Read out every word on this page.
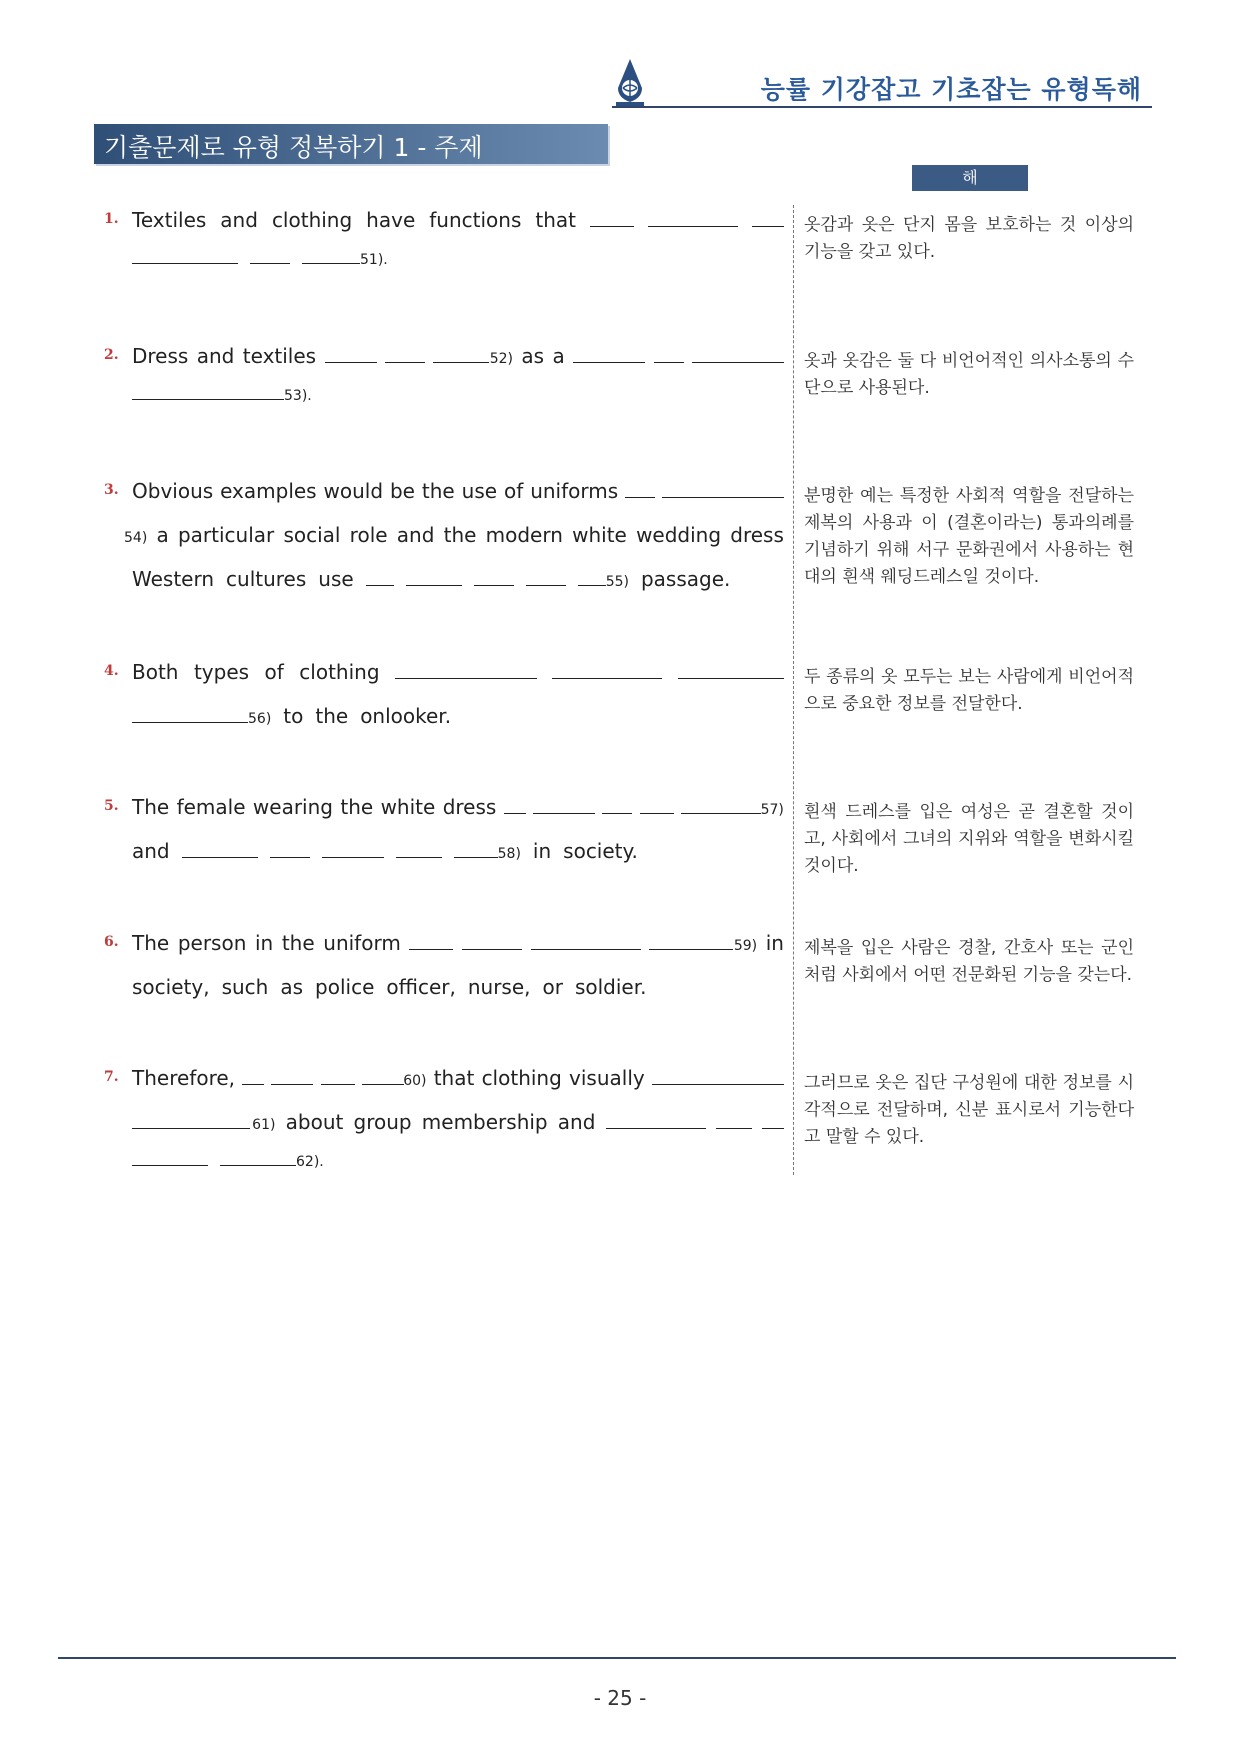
능률 기강잡고 기초잡는 유형독해
기출문제로 유형 정복하기 1 - 주제
해 석
1. Textiles and clothing have functions that
51).
옷감과 옷은 단지 몸을 보호하는 것 이상의 기능을 갖고 있다.
2. Dress and textiles	52) as a
53).
옷과 옷감은 둘 다 비언어적인 의사소통의 수단으로 사용된다.
3. Obvious examples would be the use of uniforms
54) a particular social role and the modern white wedding dress
Western cultures use	55) passage.
분명한 예는 특정한 사회적 역할을 전달하는 제복의 사용과 이 (결혼이라는) 통과의례를 기념하기 위해 서구 문화권에서 사용하는 현대의 흰색 웨딩드레스일 것이다.
4. Both types of clothing
56) to the onlooker.
두 종류의 옷 모두는 보는 사람에게 비언어적으로 중요한 정보를 전달한다.
5. The female wearing the white dress	57)
and	58) in society.
흰색 드레스를 입은 여성은 곧 결혼할 것이고, 사회에서 그녀의 지위와 역할을 변화시킬 것이다.
6. The person in the uniform	59) in
society, such as police officer, nurse, or soldier.
제복을 입은 사람은 경찰, 간호사 또는 군인처럼 사회에서 어떤 전문화된 기능을 갖는다.
7. Therefore,	60) that clothing visually
61) about group membership and
62).
그러므로 옷은 집단 구성원에 대한 정보를 시각적으로 전달하며, 신분 표시로서 기능한다고 말할 수 있다.
- 25 -
